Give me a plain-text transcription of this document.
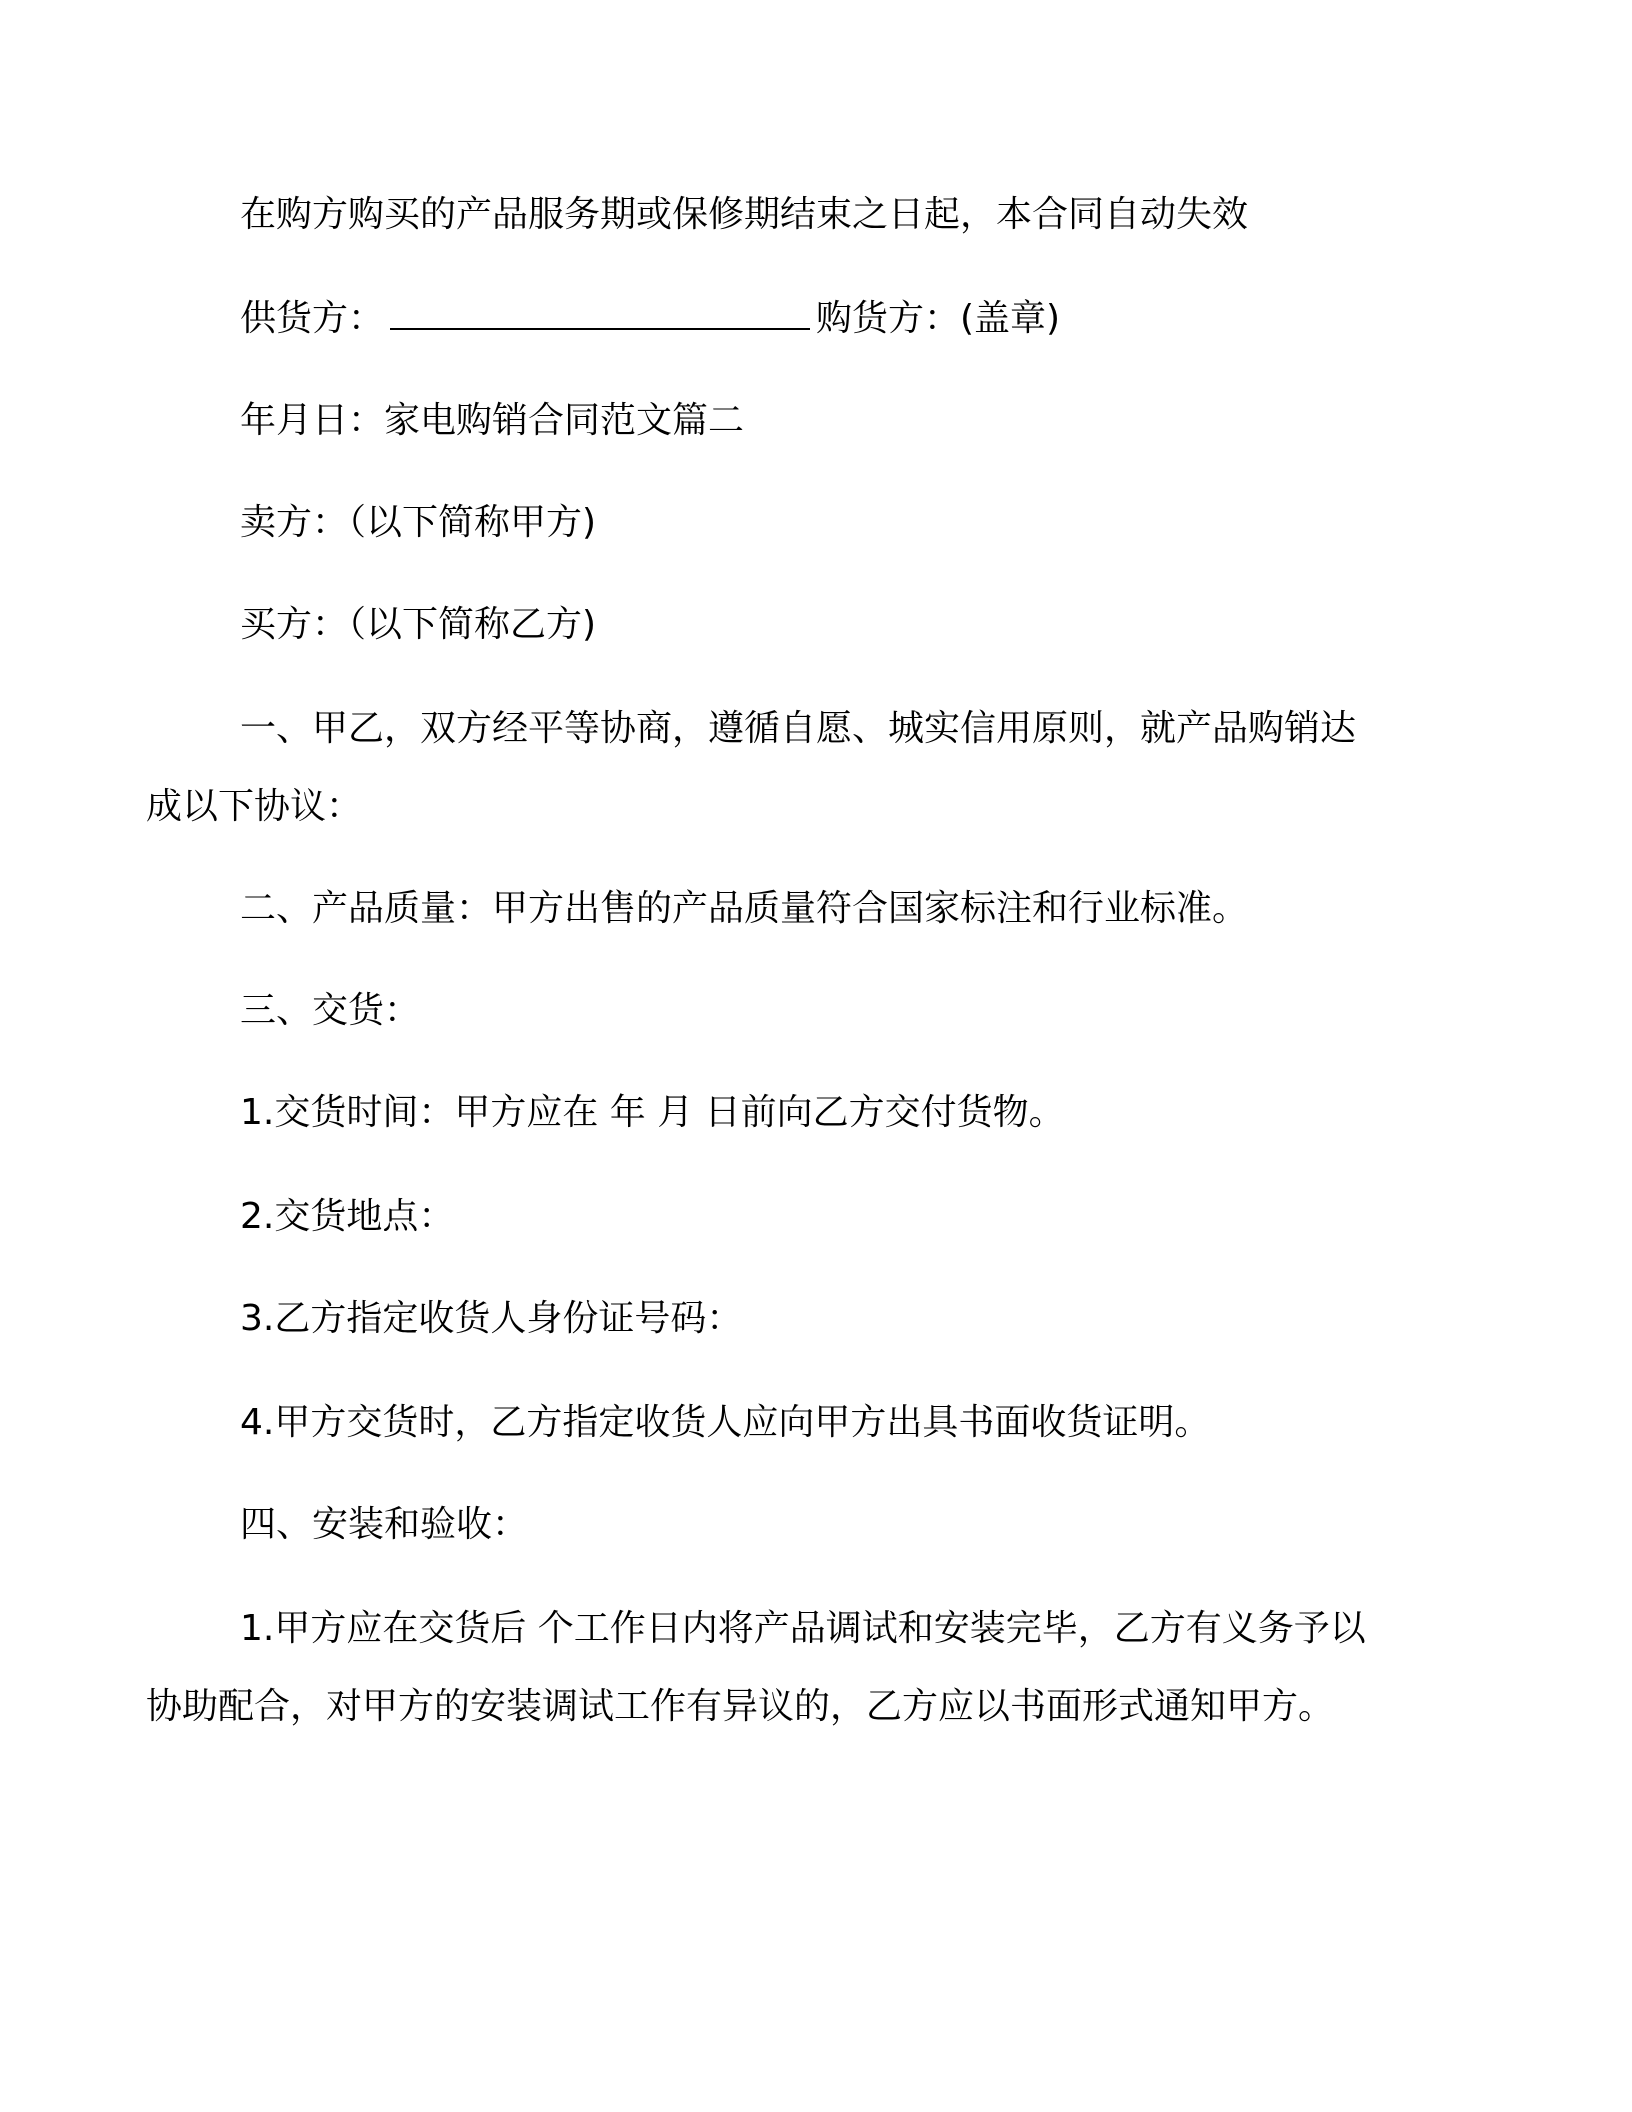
在购方购买的产品服务期或保修期结束之日起，本合同自动失效

供货方：	购货方：(盖章)

年月日：家电购销合同范文篇二

卖方：（以下简称甲方)

买方：（以下简称乙方)

一、甲乙，双方经平等协商，遵循自愿、城实信用原则，就产品购销达成以下协议：

二、产品质量：甲方出售的产品质量符合国家标注和行业标准。

三、交货：

1.交货时间：甲方应在 年 月 日前向乙方交付货物。

2.交货地点：

3.乙方指定收货人身份证号码：

4.甲方交货时，乙方指定收货人应向甲方出具书面收货证明。

四、安装和验收：

1.甲方应在交货后 个工作日内将产品调试和安装完毕，乙方有义务予以协助配合，对甲方的安装调试工作有异议的，乙方应以书面形式通知甲方。
